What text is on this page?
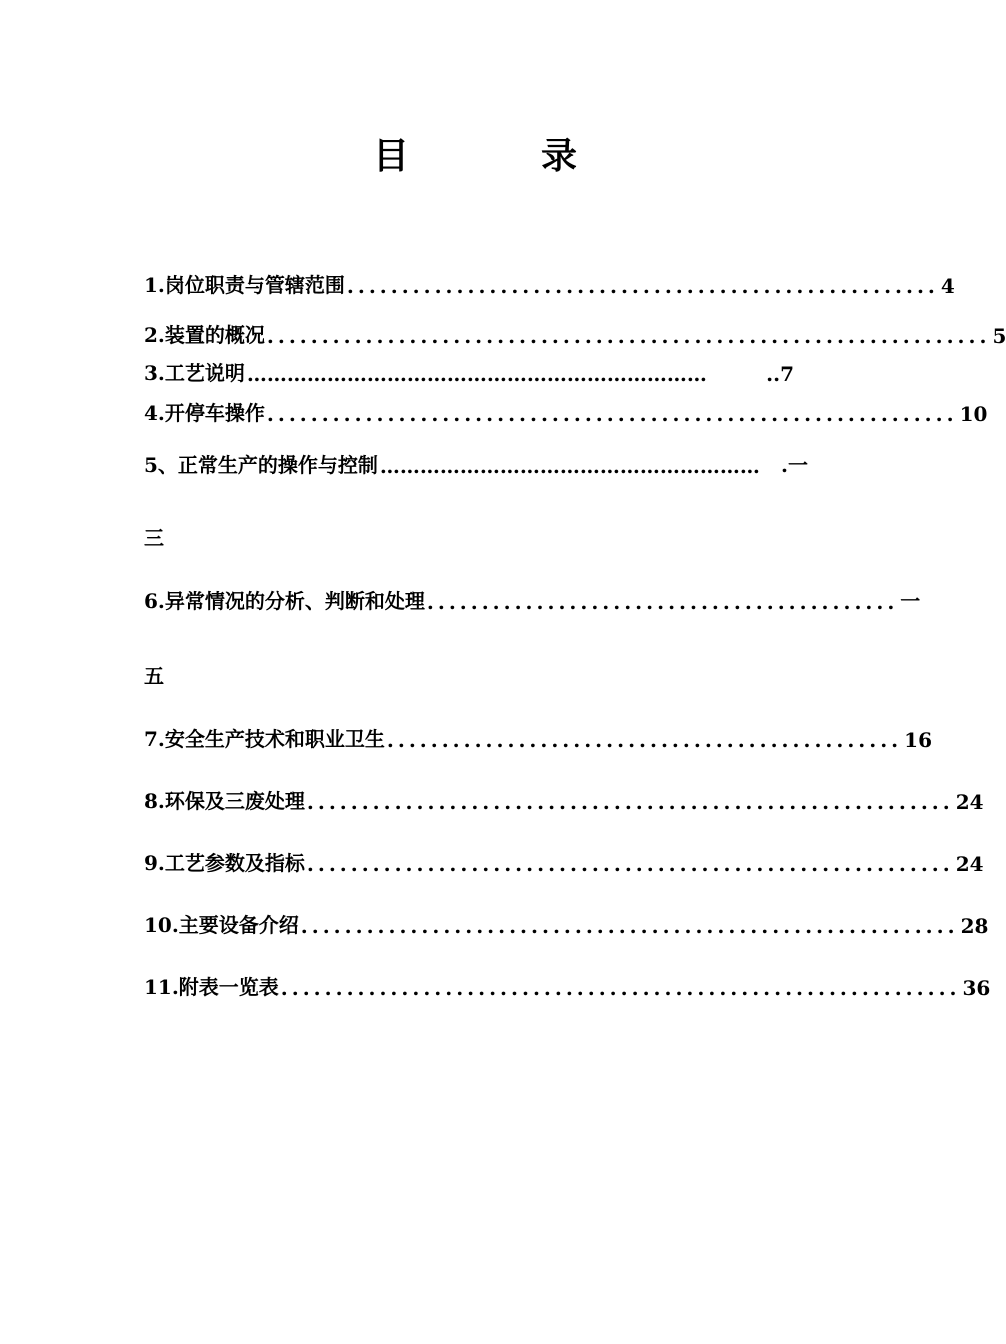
目	录
1.岗位职责与管辖范围 ...................................................... 4
2.装置的概况 .................................................................. 5
3.工艺说明 ……………………………………………………………	..7
4.开停车操作 ............................................................... 10
5、正常生产的操作与控制 …………………………………………………	.一
三
6.异常情况的分析、判断和处理 ........................................... 一
五
7.安全生产技术和职业卫生 ............................................... 16
8.环保及三废处理 ........................................................... 24
9.工艺参数及指标 ........................................................... 24
10.主要设备介绍 ............................................................ 28
11.附表一览表 .............................................................. 36
